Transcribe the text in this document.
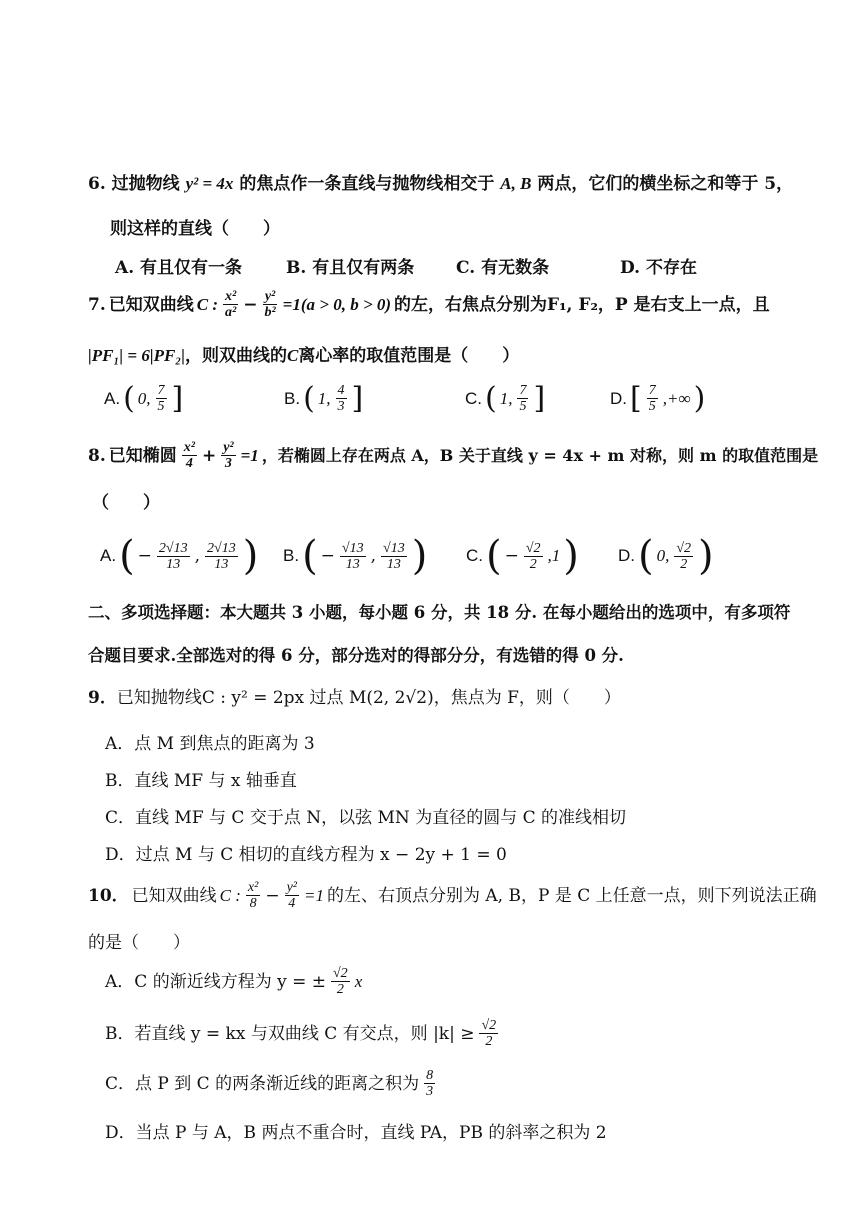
6. 过抛物线 y² = 4x 的焦点作一条直线与抛物线相交于 A, B 两点，它们的横坐标之和等于 5，
则这样的直线（　　）
A. 有且仅有一条	B. 有且仅有两条 C. 有无数条	D. 不存在
7. 已知双曲线 C : $\frac{\text{x²}}{\text{a²}} - \frac{\text{y²}}{\text{b²}} =1(a > 0$, b > 0) 的左，右焦点分别为F₁, F₂，P 是右支上一点，且
|PF₁| = 6|PF₂|，则双曲线的C离心率的取值范围是（　　）
A. ( 0, $\frac{7}{5}$ ]	B. ( 1, $\frac{4}{3}$ ]	C. ( 1, $\frac{7}{5}$ ]	D. [ $\frac{7}{5}$ ,+∞ )
8. 已知椭圆 $\frac{\text{x²}}{4} + \frac{\text{y²}}{3} =1$ ，若椭圆上存在两点 A，B 关于直线 y = 4x + m 对称，则 m 的取值范围是
（　　）
A. ( − $\frac{2√13}{13}$ , $\frac{2√13}{13}$ ) B. ( − $\frac{√13}{13}$ , $\frac{√13}{13}$ ) C. ( − $\frac{√2}{2} ,1$ ) D. ( 0, $\frac{√2}{2}$ )
二、多项选择题：本大题共 3 小题，每小题 6 分，共 18 分. 在每小题给出的选项中，有多项符
合题目要求.全部选对的得 6 分，部分选对的得部分分，有选错的得 0 分.
9．已知抛物线C : y² = 2px 过点 M(2, 2√2)，焦点为 F，则（　　）
A．点 M 到焦点的距离为 3
B．直线 MF 与 x 轴垂直
C．直线 MF 与 C 交于点 N，以弦 MN 为直径的圆与 C 的准线相切
D．过点 M 与 C 相切的直线方程为 x − 2y + 1 = 0
10． 已知双曲线 C : $\frac{\text{x²}}{8} - \frac{\text{y²}}{4} =1$ 的左、右顶点分别为 A, B，P 是 C 上任意一点，则下列说法正确
的是（　　）
A．C 的渐近线方程为 y = ± $\frac{√2}{2}$ x
B．若直线 y = kx 与双曲线 C 有交点，则 $|k| \ge \frac{√2}{2}$
C．点 P 到 C 的两条渐近线的距离之积为 $\frac{8}{3}$
D．当点 P 与 A，B 两点不重合时，直线 PA，PB 的斜率之积为 2
